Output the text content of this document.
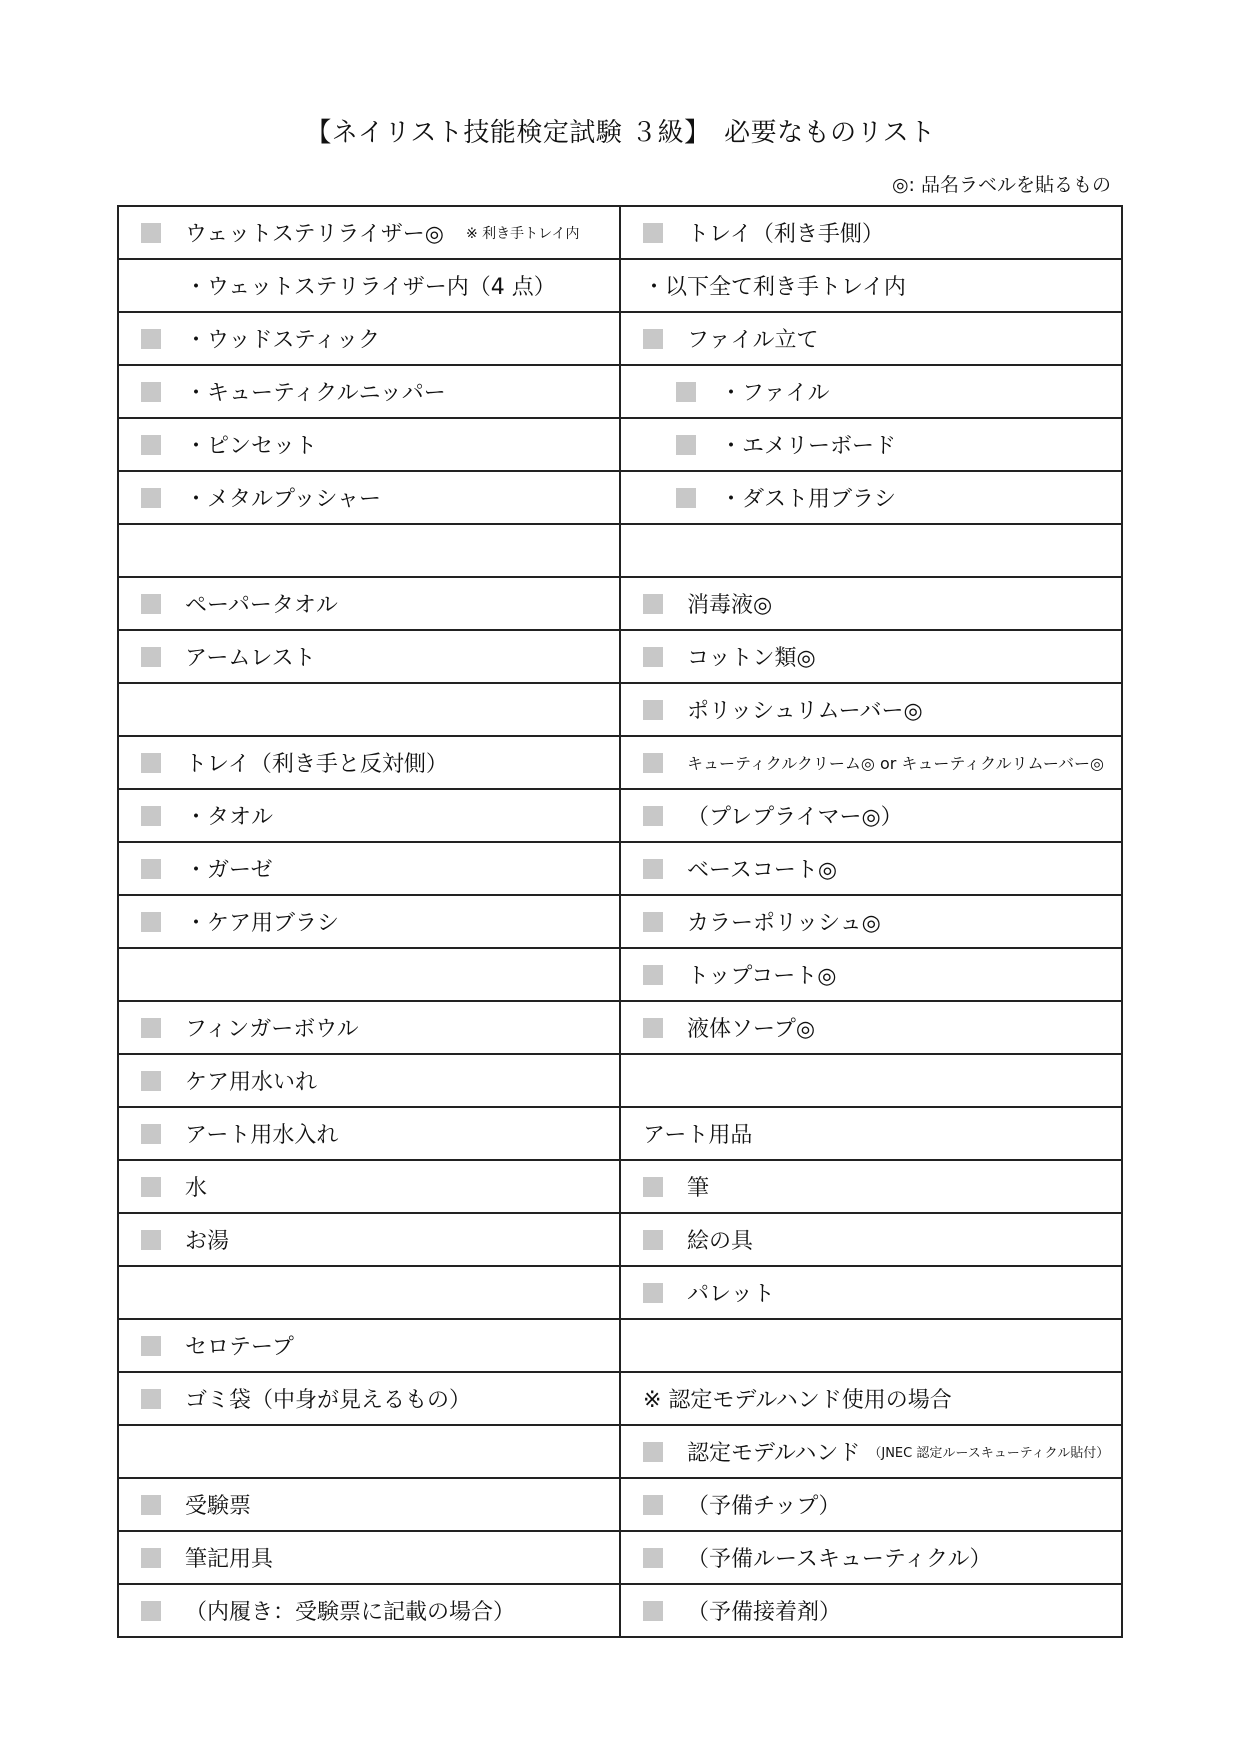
【ネイリスト技能検定試験 ３級】　必要なものリスト
◎: 品名ラベルを貼るもの
ウェットステリライザー◎ ※ 利き手トレイ内	トレイ（利き手側）

・ウェットステリライザー内（4 点）	・以下全て利き手トレイ内

・ウッドスティック	ファイル立て

・キューティクルニッパー	・ファイル

・ピンセット	・エメリーボード

・メタルプッシャー	・ダスト用ブラシ

ペーパータオル	消毒液◎

アームレスト	コットン類◎

	ポリッシュリムーバー◎

トレイ（利き手と反対側）	キューティクルクリーム◎ or キューティクルリムーバー◎

・タオル	（プレプライマー◎）

・ガーゼ	ベースコート◎

・ケア用ブラシ	カラーポリッシュ◎

	トップコート◎

フィンガーボウル	液体ソープ◎

ケア用水いれ	

アート用水入れ	アート用品

水	筆

お湯	絵の具

	パレット

セロテープ	

ゴミ袋（中身が見えるもの）	※ 認定モデルハンド使用の場合

	認定モデルハンド （JNEC 認定ルースキューティクル貼付）

受験票	（予備チップ）

筆記用具	（予備ルースキューティクル）

（内履き：受験票に記載の場合）	（予備接着剤）
